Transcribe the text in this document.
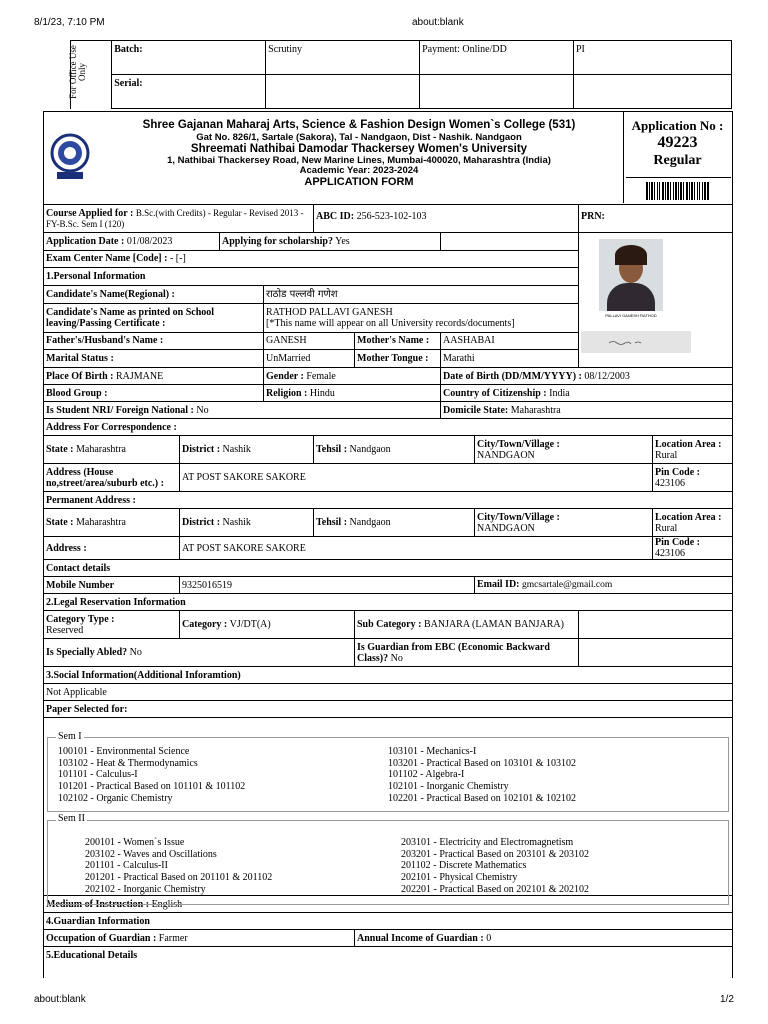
8/1/23, 7:10 PM	about:blank
For Office Use Only
	Batch:	Scrutiny	Payment: Online/DD	PI
	Serial:			
Shree Gajanan Maharaj Arts, Science & Fashion Design Women`s College (531)
Gat No. 826/1, Sartale (Sakora), Tal - Nandgaon, Dist - Nashik. Nandgaon
Shreemati Nathibai Damodar Thackersey Women's University
1, Nathibai Thackersey Road, New Marine Lines, Mumbai-400020, Maharashtra (India)
Academic Year: 2023-2024
APPLICATION FORM
Application No :
49223
Regular
Course Applied for : B.Sc.(with Credits) - Regular - Revised 2013 - FY-B.Sc. Sem I (120)				ABC ID: 256-523-102-103				PRN:	
Application Date : 01/08/2023		Applying for scholarship? Yes						PALLAVI GANESH RATHOD	

Exam Center Name [Code] : - [-]									
1.Personal Information									
Candidate's Name(Regional) :			राठोड पल्लवी गणेश						
Candidate's Name as printed on School leaving/Passing Certificate :			RATHOD PALLAVI GANESH
[*This name will appear on all University records/documents]						
Father's/Husband's Name :			GANESH		Mother's Name :	AASHABAI			
Marital Status :			UnMarried		Mother Tongue :	Marathi			
Place Of Birth : RAJMANE			Gender : Female			Date of Birth (DD/MM/YYYY) : 08/12/2003			
Blood Group :			Religion : Hindu			Country of Citizenship : India			
Is Student NRI/ Foreign National : No						Domicile State: Maharashtra			
Address For Correspondence :									
State : Maharashtra	District : Nashik			Tehsil : Nandgaon			City/Town/Village :
NANDGAON		Location Area : Rural
Address (House no,street/area/suburb etc.) :	AT POST SAKORE SAKORE								Pin Code : 423106
Permanent Address :									
State : Maharashtra	District : Nashik			Tehsil : Nandgaon			City/Town/Village :
NANDGAON		Location Area : Rural
Address :	AT POST SAKORE SAKORE								Pin Code : 423106
Contact details									
Mobile Number	9325016519						Email ID: gmcsartale@gmail.com		
2.Legal Reservation Information									
Category Type :
Reserved	Category : VJ/DT(A)				Sub Category : BANJARA (LAMAN BANJARA)				
Is Specially Abled? No					Is Guardian from EBC (Economic Backward Class)? No				
3.Social Information(Additional Inforamtion)									
Not Applicable									
Paper Selected for:									

Medium of Instruction : English									
4.Guardian Information									
Occupation of Guardian : Farmer					Annual Income of Guardian : 0				
5.Educational Details									
Sem I
100101 - Environmental Science
103102 - Heat & Thermodynamics
101101 - Calculus-I
101201 - Practical Based on 101101 & 101102
102102 - Organic Chemistry
103101 - Mechanics-I
103201 - Practical Based on 103101 & 103102
101102 - Algebra-I
102101 - Inorganic Chemistry
102201 - Practical Based on 102101 & 102102
Sem II
200101 - Women`s Issue
203102 - Waves and Oscillations
201101 - Calculus-II
201201 - Practical Based on 201101 & 201102
202102 - Inorganic Chemistry
203101 - Electricity and Electromagnetism
203201 - Practical Based on 203101 & 203102
201102 - Discrete Mathematics
202101 - Physical Chemistry
202201 - Practical Based on 202101 & 202102
about:blank	1/2
